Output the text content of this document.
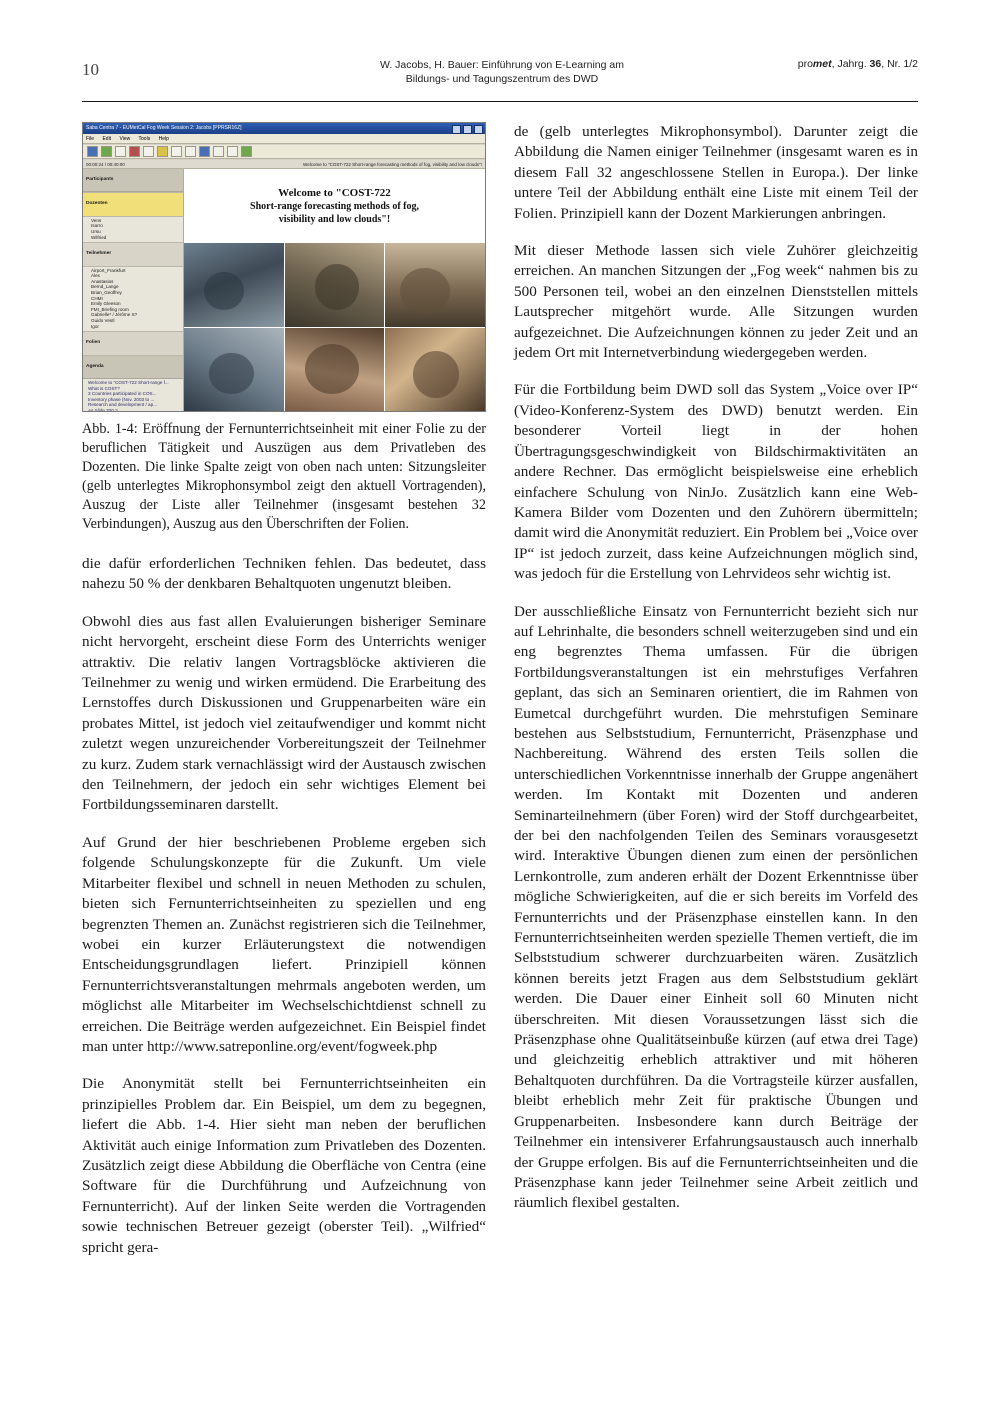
10	W. Jacobs, H. Bauer: Einführung von E-Learning am
Bildungs- und Tagungszentrum des DWD
promet, Jahrg. 36, Nr. 1/2
Saba Centra 7 - EUMetCal Fog Week Session 2: Jacobs [PPRSR16Z]
File Edit View Tools Help
00:00:24 / 00:40:00	Welcome to "COST-722 Short-range forecasting methods of fog, visibility and low clouds"!
Participants
Dozenten
Vens
Isarro
Ursu
Wilfried
Teilnehmer
Airport_Frankfurt
Alex
Anastasios
Bernd_Lange
Brian_Geoffrey
CHMI
Emily Gleeson
FMI_Briefing room
Gabrielle* / Jérôme S?
Guido Vestl
Igor
Folien
Agenda
Welcome to "COST-722 Short-range f...
What is COST?
3 Countries participated in COS...
Inventory phase (Nov. 2003 to ...
Research and development / ap...
As Slide 700 ?
Welcome to "COST-722
Short-range forecasting methods of fog,
visibility and low clouds"!
Abb. 1-4: Eröffnung der Fernunterrichtseinheit mit einer Folie zu der beruflichen Tätigkeit und Auszügen aus dem Privatleben des Dozenten. Die linke Spalte zeigt von oben nach unten: Sitzungsleiter (gelb unterlegtes Mikrophonsymbol zeigt den aktuell Vortragenden), Auszug der Liste aller Teilnehmer (insgesamt bestehen 32 Verbindungen), Auszug aus den Überschriften der Folien.

die dafür erforderlichen Techniken fehlen. Das bedeutet, dass nahezu 50 % der denkbaren Behaltquoten ungenutzt bleiben.

Obwohl dies aus fast allen Evaluierungen bisheriger Seminare nicht hervorgeht, erscheint diese Form des Unterrichts weniger attraktiv. Die relativ langen Vortragsblöcke aktivieren die Teilnehmer zu wenig und wirken ermüdend. Die Erarbeitung des Lernstoffes durch Diskussionen und Gruppenarbeiten wäre ein probates Mittel, ist jedoch viel zeitaufwendiger und kommt nicht zuletzt wegen unzureichender Vorbereitungszeit der Teilnehmer zu kurz. Zudem stark vernachlässigt wird der Austausch zwischen den Teilnehmern, der jedoch ein sehr wichtiges Element bei Fortbildungsseminaren darstellt.

Auf Grund der hier beschriebenen Probleme ergeben sich folgende Schulungskonzepte für die Zukunft. Um viele Mitarbeiter flexibel und schnell in neuen Methoden zu schulen, bieten sich Fernunterrichtseinheiten zu speziellen und eng begrenzten Themen an. Zunächst registrieren sich die Teilnehmer, wobei ein kurzer Erläuterungstext die notwendigen Entscheidungsgrundlagen liefert. Prinzipiell können Fernunterrichtsveranstaltungen mehrmals angeboten werden, um möglichst alle Mitarbeiter im Wechselschichtdienst schnell zu erreichen. Die Beiträge werden aufgezeichnet. Ein Beispiel findet man unter http://www.satreponline.org/event/fogweek.php

Die Anonymität stellt bei Fernunterrichtseinheiten ein prinzipielles Problem dar. Ein Beispiel, um dem zu begegnen, liefert die Abb. 1-4. Hier sieht man neben der beruflichen Aktivität auch einige Information zum Privatleben des Dozenten. Zusätzlich zeigt diese Abbildung die Oberfläche von Centra (eine Software für die Durchführung und Aufzeichnung von Fernunterricht). Auf der linken Seite werden die Vortragenden sowie technischen Betreuer gezeigt (oberster Teil). „Wilfried“ spricht gera-

de (gelb unterlegtes Mikrophonsymbol). Darunter zeigt die Abbildung die Namen einiger Teilnehmer (insgesamt waren es in diesem Fall 32 angeschlossene Stellen in Europa.). Der linke untere Teil der Abbildung enthält eine Liste mit einem Teil der Folien. Prinzipiell kann der Dozent Markierungen anbringen.

Mit dieser Methode lassen sich viele Zuhörer gleichzeitig erreichen. An manchen Sitzungen der „Fog week“ nahmen bis zu 500 Personen teil, wobei an den einzelnen Dienststellen mittels Lautsprecher mitgehört wurde. Alle Sitzungen wurden aufgezeichnet. Die Aufzeichnungen können zu jeder Zeit und an jedem Ort mit Internetverbindung wiedergegeben werden.

Für die Fortbildung beim DWD soll das System „Voice over IP“ (Video-Konferenz-System des DWD) benutzt werden. Ein besonderer Vorteil liegt in der hohen Übertragungsgeschwindigkeit von Bildschirmaktivitäten an andere Rechner. Das ermöglicht beispielsweise eine erheblich einfachere Schulung von NinJo. Zusätzlich kann eine Web-Kamera Bilder vom Dozenten und den Zuhörern übermitteln; damit wird die Anonymität reduziert. Ein Problem bei „Voice over IP“ ist jedoch zurzeit, dass keine Aufzeichnungen möglich sind, was jedoch für die Erstellung von Lehrvideos sehr wichtig ist.

Der ausschließliche Einsatz von Fernunterricht bezieht sich nur auf Lehrinhalte, die besonders schnell weiterzugeben sind und ein eng begrenztes Thema umfassen. Für die übrigen Fortbildungsveranstaltungen ist ein mehrstufiges Verfahren geplant, das sich an Seminaren orientiert, die im Rahmen von Eumetcal durchgeführt wurden. Die mehrstufigen Seminare bestehen aus Selbststudium, Fernunterricht, Präsenzphase und Nachbereitung. Während des ersten Teils sollen die unterschiedlichen Vorkenntnisse innerhalb der Gruppe angenähert werden. Im Kontakt mit Dozenten und anderen Seminarteilnehmern (über Foren) wird der Stoff durchgearbeitet, der bei den nachfolgenden Teilen des Seminars vorausgesetzt wird. Interaktive Übungen dienen zum einen der persönlichen Lernkontrolle, zum anderen erhält der Dozent Erkenntnisse über mögliche Schwierigkeiten, auf die er sich bereits im Vorfeld des Fernunterrichts und der Präsenzphase einstellen kann. In den Fernunterrichtseinheiten werden spezielle Themen vertieft, die im Selbststudium schwerer durchzuarbeiten wären. Zusätzlich können bereits jetzt Fragen aus dem Selbststudium geklärt werden. Die Dauer einer Einheit soll 60 Minuten nicht überschreiten. Mit diesen Voraussetzungen lässt sich die Präsenzphase ohne Qualitätseinbuße kürzen (auf etwa drei Tage) und gleichzeitig erheblich attraktiver und mit höheren Behaltquoten durchführen. Da die Vortragsteile kürzer ausfallen, bleibt erheblich mehr Zeit für praktische Übungen und Gruppenarbeiten. Insbesondere kann durch Beiträge der Teilnehmer ein intensiverer Erfahrungsaustausch auch innerhalb der Gruppe erfolgen. Bis auf die Fernunterrichtseinheiten und die Präsenzphase kann jeder Teilnehmer seine Arbeit zeitlich und räumlich flexibel gestalten.
